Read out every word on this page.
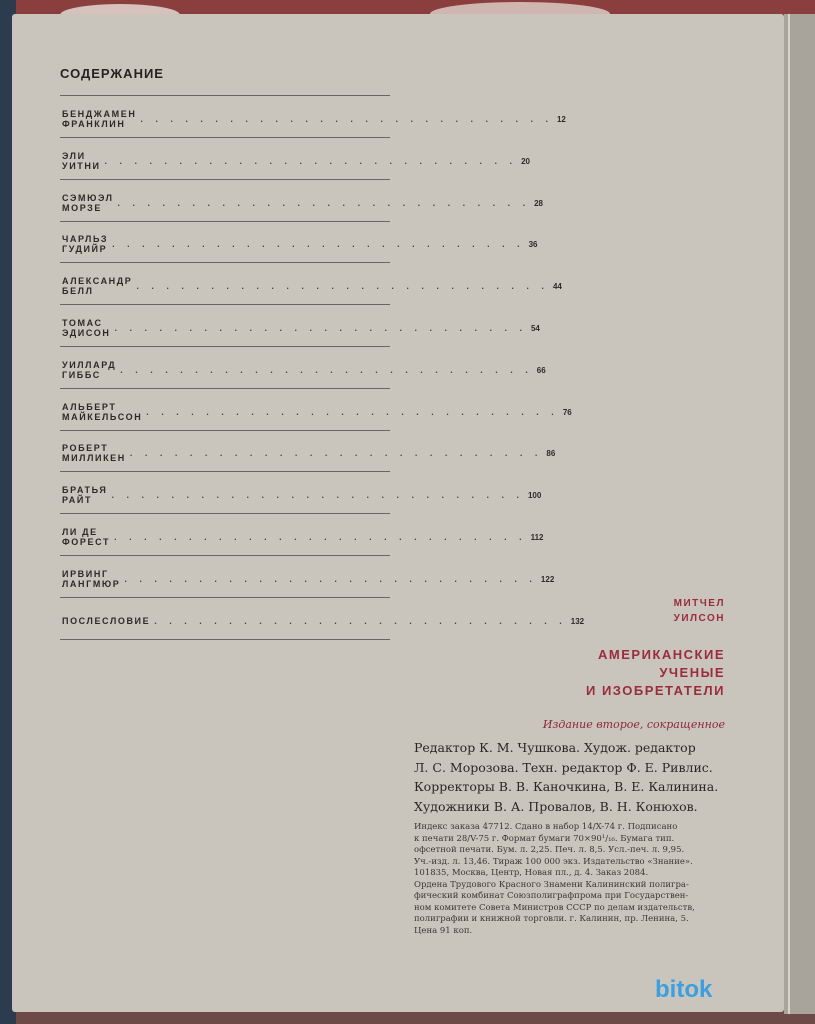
СОДЕРЖАНИЕ
БЕНДЖАМЕН ФРАНКЛИН	. . . . . . . . . . . . . . . . . . . . . . . . . . . . 12
ЭЛИ УИТНИ . . . . . . . . . . . . . . . . . . . . . . . . . . . . 20
СЭМЮЭЛ МОРЗЕ	. . . . . . . . . . . . . . . . . . . . . . . . . . . . 28
ЧАРЛЬЗ ГУДИЙР . . . . . . . . . . . . . . . . . . . . . . . . . . . . 36
АЛЕКСАНДР БЕЛЛ	. . . . . . . . . . . . . . . . . . . . . . . . . . . . 44
ТОМАС ЭДИСОН . . . . . . . . . . . . . . . . . . . . . . . . . . . . 54
УИЛЛАРД ГИББС	. . . . . . . . . . . . . . . . . . . . . . . . . . . . 66
АЛЬБЕРТ МАЙКЕЛЬСОН . . . . . . . . . . . . . . . . . . . . . . . . . . . . 76
РОБЕРТ МИЛЛИКЕН . . . . . . . . . . . . . . . . . . . . . . . . . . . . 86
БРАТЬЯ РАЙТ	. . . . . . . . . . . . . . . . . . . . . . . . . . . . 100
ЛИ ДЕ ФОРЕСТ . . . . . . . . . . . . . . . . . . . . . . . . . . . . 112
ИРВИНГ ЛАНГМЮР . . . . . . . . . . . . . . . . . . . . . . . . . . . . 122
ПОСЛЕСЛОВИЕ . . . . . . . . . . . . . . . . . . . . . . . . . . . . 132
МИТЧЕЛ
УИЛСОН
АМЕРИКАНСКИЕ
УЧЕНЫЕ
И ИЗОБРЕТАТЕЛИ
Издание второе, сокращенное
Редактор К. М. Чушкова. Худож. редактор
Л. С. Морозова. Техн. редактор Ф. Е. Ривлис.
Корректоры В. В. Каночкина, В. Е. Калинина.
Художники В. А. Провалов, В. Н. Конюхов.
Индекс заказа 47712. Сдано в набор 14/X-74 г. Подписано
к печати 28/V-75 г. Формат бумаги 70×90¹/₁₆. Бумага тип.
офсетной печати. Бум. л. 2,25. Печ. л. 8,5. Усл.-печ. л. 9,95.
Уч.-изд. л. 13,46. Тираж 100 000 экз. Издательство «Знание».
101835, Москва, Центр, Новая пл., д. 4. Заказ 2084.
Ордена Трудового Красного Знамени Калининский полигра-
фический комбинат Союзполиграфпрома при Государствен-
ном комитете Совета Министров СССР по делам издательств,
полиграфии и книжной торговли. г. Калинин, пр. Ленина, 5.
Цена 91 коп.
bitok
